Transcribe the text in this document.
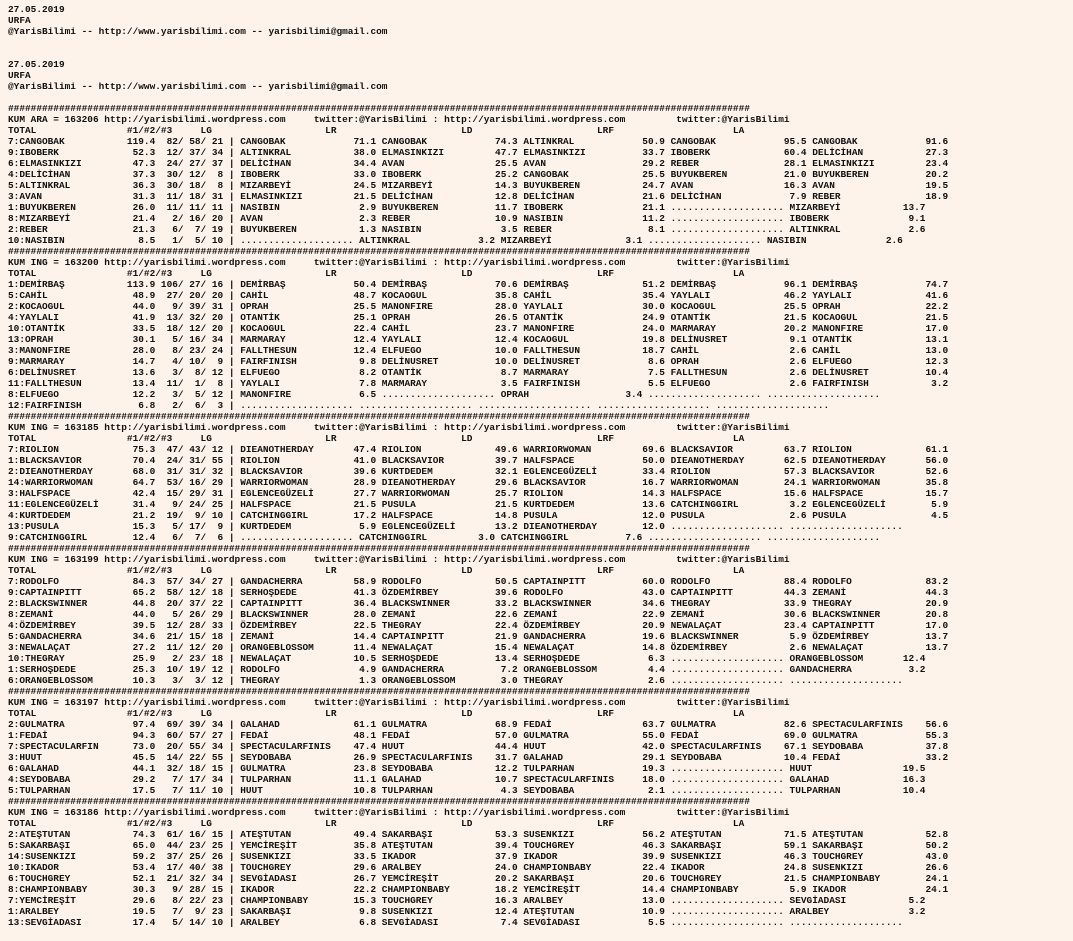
27.05.2019
URFA
@YarisBilimi -- http://www.yarisbilimi.com -- yarisbilimi@gmail.com

27.05.2019
URFA
@YarisBilimi -- http://www.yarisbilimi.com -- yarisbilimi@gmail.com

###################################################################################################################################
KUM ARA = 163206 http://yarisbilimi.wordpress.com     twitter:@YarisBilimi : http://yarisbilimi.wordpress.com         twitter:@YarisBilimi
TOTAL                #1/#2/#3     LG                    LR                      LD                      LRF                     LA
7:CANGOBAK           119.4  82/ 58/ 21 | CANGOBAK            71.1 CANGOBAK            74.3 ALTINKRAL            50.9 CANGOBAK            95.5 CANGOBAK            91.6
9:IBOBERK             52.3  12/ 37/ 34 | ALTINKRAL           38.0 ELMASINKIZI         47.7 ELMASINKIZI          33.7 IBOBERK             60.4 DELİCİHAN           27.3
6:ELMASINKIZI         47.3  24/ 27/ 37 | DELİCİHAN           34.4 AVAN                25.5 AVAN                 29.2 REBER               28.1 ELMASINKIZI         23.4
4:DELİCİHAN           37.3  30/ 12/  8 | IBOBERK             33.0 IBOBERK             25.2 CANGOBAK             25.5 BUYUKBEREN          21.0 BUYUKBEREN          20.2
5:ALTINKRAL           36.3  30/ 18/  8 | MIZARBEYİ           24.5 MIZARBEYİ           14.3 BUYUKBEREN           24.7 AVAN                16.3 AVAN                19.5
3:AVAN                31.3  11/ 18/ 31 | ELMASINKIZI         21.5 DELİCİHAN           12.8 DELİCİHAN            21.6 DELİCİHAN            7.9 REBER               18.9
1:BUYUKBEREN          26.0  11/ 11/ 11 | NASIBIN              2.9 BUYUKBEREN          11.7 IBOBERK              21.1 .................... MIZARBEYİ           13.7
8:MIZARBEYİ           21.4   2/ 16/ 20 | AVAN                 2.3 REBER               10.9 NASIBIN              11.2 .................... IBOBERK              9.1
2:REBER               21.3   6/  7/ 19 | BUYUKBEREN           1.3 NASIBIN              3.5 REBER                 8.1 .................... ALTINKRAL            2.6
10:NASIBIN             8.5   1/  5/ 10 | .................... ALTINKRAL            3.2 MIZARBEYİ             3.1 .................... NASIBIN              2.6
###################################################################################################################################
KUM ING = 163200 http://yarisbilimi.wordpress.com     twitter:@YarisBilimi : http://yarisbilimi.wordpress.com         twitter:@YarisBilimi
TOTAL                #1/#2/#3     LG                    LR                      LD                      LRF                     LA
1:DEMİRBAŞ           113.9 106/ 27/ 16 | DEMİRBAŞ            50.4 DEMİRBAŞ            70.6 DEMİRBAŞ             51.2 DEMİRBAŞ            96.1 DEMİRBAŞ            74.7
5:CAHİL               48.9  27/ 20/ 20 | CAHİL               48.7 KOCAOGUL            35.8 CAHİL                35.4 YAYLALI             46.2 YAYLALI             41.6
2:KOCAOGUL            44.0   9/ 39/ 31 | OPRAH               25.5 MANONFIRE           28.0 YAYLALI              30.0 KOCAOGUL            25.5 OPRAH               22.2
4:YAYLALI             41.9  13/ 32/ 20 | OTANTİK             25.1 OPRAH               26.5 OTANTİK              24.9 OTANTİK             21.5 KOCAOGUL            21.5
10:OTANTİK            33.5  18/ 12/ 20 | KOCAOGUL            22.4 CAHİL               23.7 MANONFIRE            24.0 MARMARAY            20.2 MANONFIRE           17.0
13:OPRAH              30.1   5/ 16/ 34 | MARMARAY            12.4 YAYLALI             12.4 KOCAOGUL             19.8 DELİNUSRET           9.1 OTANTİK             13.1
3:MANONFIRE           28.0   8/ 23/ 24 | FALLTHESUN          12.4 ELFUEGO             10.0 FALLTHESUN           18.7 CAHİL                2.6 CAHİL               13.0
9:MARMARAY            14.7   4/ 10/  9 | FAIRFINISH           9.8 DELİNUSRET          10.0 DELİNUSRET            8.6 OPRAH                2.6 ELFUEGO             12.3
6:DELİNUSRET          13.6   3/  8/ 12 | ELFUEGO              8.2 OTANTİK              8.7 MARMARAY              7.5 FALLTHESUN           2.6 DELİNUSRET          10.4
11:FALLTHESUN         13.4  11/  1/  8 | YAYLALI              7.8 MARMARAY             3.5 FAIRFINISH            5.5 ELFUEGO              2.6 FAIRFINISH           3.2
8:ELFUEGO             12.2   3/  5/ 12 | MANONFIRE            6.5 .................... OPRAH                 3.4 .................... ....................
12:FAIRFINISH          6.8   2/  6/  3 | .................... .................... .................... .................... ....................
###################################################################################################################################
KUM ING = 163185 http://yarisbilimi.wordpress.com     twitter:@YarisBilimi : http://yarisbilimi.wordpress.com         twitter:@YarisBilimi
TOTAL                #1/#2/#3     LG                    LR                      LD                      LRF                     LA
7:RIOLION             75.3  47/ 43/ 12 | DIEANOTHERDAY       47.4 RIOLION             49.6 WARRIORWOMAN         69.6 BLACKSAVIOR         63.7 RIOLION             61.1
1:BLACKSAVIOR         70.4  24/ 31/ 55 | RIOLION             41.0 BLACKSAVIOR         39.7 HALFSPACE            50.0 DIEANOTHERDAY       62.5 DIEANOTHERDAY       56.0
2:DIEANOTHERDAY       68.0  31/ 31/ 32 | BLACKSAVIOR         39.6 KURTDEDEM           32.1 EGLENCEGÜZELİ        33.4 RIOLION             57.3 BLACKSAVIOR         52.6
14:WARRIORWOMAN       64.7  53/ 16/ 29 | WARRIORWOMAN        28.9 DIEANOTHERDAY       29.6 BLACKSAVIOR          16.7 WARRIORWOMAN        24.1 WARRIORWOMAN        35.8
3:HALFSPACE           42.4  15/ 29/ 31 | EGLENCEGÜZELİ       27.7 WARRIORWOMAN        25.7 RIOLION              14.3 HALFSPACE           15.6 HALFSPACE           15.7
11:EGLENCEGÜZELİ      31.4   9/ 24/ 25 | HALFSPACE           21.5 PUSULA              21.5 KURTDEDEM            13.6 CATCHINGGIRL         3.2 EGLENCEGÜZELİ        5.9
4:KURTDEDEM           21.2  19/  9/ 10 | CATCHINGGIRL        17.2 HALFSPACE           14.8 PUSULA               12.0 PUSULA               2.6 PUSULA               4.5
13:PUSULA             15.3   5/ 17/  9 | KURTDEDEM            5.9 EGLENCEGÜZELİ       13.2 DIEANOTHERDAY        12.0 .................... ....................
9:CATCHINGGIRL        12.4   6/  7/  6 | .................... CATCHINGGIRL         3.0 CATCHINGGIRL          7.6 .................... ....................
###################################################################################################################################
KUM ING = 163199 http://yarisbilimi.wordpress.com     twitter:@YarisBilimi : http://yarisbilimi.wordpress.com         twitter:@YarisBilimi
TOTAL                #1/#2/#3     LG                    LR                      LD                      LRF                     LA
7:RODOLFO             84.3  57/ 34/ 27 | GANDACHERRA         58.9 RODOLFO             50.5 CAPTAINPITT          60.0 RODOLFO             88.4 RODOLFO             83.2
9:CAPTAINPITT         65.2  58/ 12/ 18 | SERHOŞDEDE          41.3 ÖZDEMİRBEY          39.6 RODOLFO              43.0 CAPTAINPITT         44.3 ZEMANİ              44.3
2:BLACKSWINNER        44.8  20/ 37/ 22 | CAPTAINPITT         36.4 BLACKSWINNER        33.2 BLACKSWINNER         34.6 THEGRAY             33.9 THEGRAY             20.9
8:ZEMANİ              44.0   5/ 26/ 29 | BLACKSWINNER        28.0 ZEMANİ              22.6 ZEMANİ               22.9 ZEMANİ              30.6 BLACKSWINNER        20.8
4:ÖZDEMİRBEY          39.5  12/ 28/ 33 | ÖZDEMİRBEY          22.5 THEGRAY             22.4 ÖZDEMİRBEY           20.9 NEWALAÇAT           23.4 CAPTAINPITT         17.0
5:GANDACHERRA         34.6  21/ 15/ 18 | ZEMANİ              14.4 CAPTAINPITT         21.9 GANDACHERRA          19.6 BLACKSWINNER         5.9 ÖZDEMİRBEY          13.7
3:NEWALAÇAT           27.2  11/ 12/ 20 | ORANGEBLOSSOM       11.4 NEWALAÇAT           15.4 NEWALAÇAT            14.8 ÖZDEMİRBEY           2.6 NEWALAÇAT           13.7
10:THEGRAY            25.9   2/ 23/ 18 | NEWALAÇAT           10.5 SERHOŞDEDE          13.4 SERHOŞDEDE            6.3 .................... ORANGEBLOSSOM       12.4
1:SERHOŞDEDE          25.3  10/ 19/ 12 | RODOLFO              4.9 GANDACHERRA          7.2 ORANGEBLOSSOM         4.4 .................... GANDACHERRA          3.2
6:ORANGEBLOSSOM       10.3   3/  3/ 12 | THEGRAY              1.3 ORANGEBLOSSOM        3.0 THEGRAY               2.6 .................... ....................
###################################################################################################################################
KUM ING = 163197 http://yarisbilimi.wordpress.com     twitter:@YarisBilimi : http://yarisbilimi.wordpress.com         twitter:@YarisBilimi
TOTAL                #1/#2/#3     LG                    LR                      LD                      LRF                     LA
2:GULMATRA            97.4  69/ 39/ 34 | GALAHAD             61.1 GULMATRA            68.9 FEDAİ                63.7 GULMATRA            82.6 SPECTACULARFINIS    56.6
1:FEDAİ               94.3  60/ 57/ 27 | FEDAİ               48.1 FEDAİ               57.0 GULMATRA             55.0 FEDAİ               69.0 GULMATRA            55.3
7:SPECTACULARFIN      73.0  20/ 55/ 34 | SPECTACULARFINIS    47.4 HUUT                44.4 HUUT                 42.0 SPECTACULARFINIS    67.1 SEYDOBABA           37.8
3:HUUT                45.5  14/ 22/ 55 | SEYDOBABA           26.9 SPECTACULARFINIS    31.7 GALAHAD              29.1 SEYDOBABA           10.4 FEDAİ               33.2
6:GALAHAD             44.1  32/ 18/ 15 | GULMATRA            23.8 SEYDOBABA           12.2 TULPARHAN            19.3 .................... HUUT                19.5
4:SEYDOBABA           29.2   7/ 17/ 34 | TULPARHAN           11.1 GALAHAD             10.7 SPECTACULARFINIS     18.0 .................... GALAHAD             16.3
5:TULPARHAN           17.5   7/ 11/ 10 | HUUT                10.8 TULPARHAN            4.3 SEYDOBABA             2.1 .................... TULPARHAN           10.4
###################################################################################################################################
KUM ING = 163186 http://yarisbilimi.wordpress.com     twitter:@YarisBilimi : http://yarisbilimi.wordpress.com         twitter:@YarisBilimi
TOTAL                #1/#2/#3     LG                    LR                      LD                      LRF                     LA
2:ATEŞTUTAN           74.3  61/ 16/ 15 | ATEŞTUTAN           49.4 SAKARBAŞI           53.3 SUSENKIZI            56.2 ATEŞTUTAN           71.5 ATEŞTUTAN           52.8
5:SAKARBAŞI           65.0  44/ 23/ 25 | YEMCİREŞİT          35.8 ATEŞTUTAN           39.4 TOUCHGREY            46.3 SAKARBAŞI           59.1 SAKARBAŞI           50.2
14:SUSENKIZI          59.2  37/ 25/ 26 | SUSENKIZI           33.5 IKADOR              37.9 IKADOR               39.9 SUSENKIZI           46.3 TOUCHGREY           43.0
10:IKADOR             53.4  17/ 40/ 38 | TOUCHGREY           29.6 ARALBEY             24.0 CHAMPIONBABY         22.4 IKADOR              24.8 SUSENKIZI           26.6
6:TOUCHGREY           52.1  21/ 32/ 34 | SEVGİADASI          26.7 YEMCİREŞİT          20.2 SAKARBAŞI            20.6 TOUCHGREY           21.5 CHAMPIONBABY        24.1
8:CHAMPIONBABY        30.3   9/ 28/ 15 | IKADOR              22.2 CHAMPIONBABY        18.2 YEMCİREŞİT           14.4 CHAMPIONBABY         5.9 IKADOR              24.1
7:YEMCİREŞİT          29.6   8/ 22/ 23 | CHAMPIONBABY        15.3 TOUCHGREY           16.3 ARALBEY              13.0 .................... SEVGİADASI           5.2
1:ARALBEY             19.5   7/  9/ 23 | SAKARBAŞI            9.8 SUSENKIZI           12.4 ATEŞTUTAN            10.9 .................... ARALBEY              3.2
13:SEVGİADASI         17.4   5/ 14/ 10 | ARALBEY              6.8 SEVGİADASI           7.4 SEVGİADASI            5.5 .................... ....................
